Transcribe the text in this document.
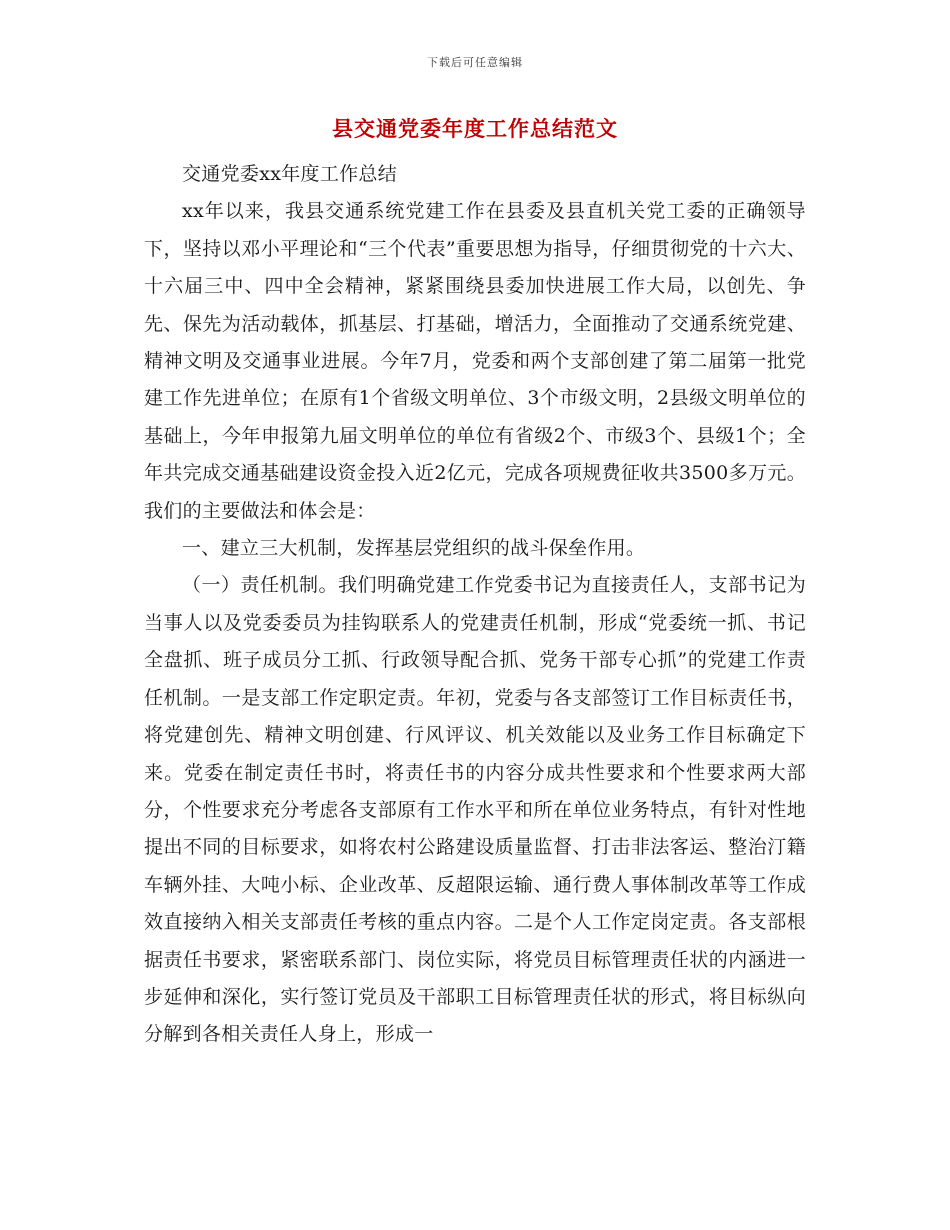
下载后可任意编辑
县交通党委年度工作总结范文

交通党委xx年度工作总结

xx年以来，我县交通系统党建工作在县委及县直机关党工委的正确领导下，坚持以邓小平理论和“三个代表”重要思想为指导，仔细贯彻党的十六大、十六届三中、四中全会精神，紧紧围绕县委加快进展工作大局，以创先、争先、保先为活动载体，抓基层、打基础，增活力，全面推动了交通系统党建、精神文明及交通事业进展。今年7月，党委和两个支部创建了第二届第一批党建工作先进单位；在原有1个省级文明单位、3个市级文明，2县级文明单位的基础上，今年申报第九届文明单位的单位有省级2个、市级3个、县级1个；全年共完成交通基础建设资金投入近2亿元，完成各项规费征收共3500多万元。我们的主要做法和体会是：

一、建立三大机制，发挥基层党组织的战斗保垒作用。

（一）责任机制。我们明确党建工作党委书记为直接责任人，支部书记为当事人以及党委委员为挂钩联系人的党建责任机制，形成“党委统一抓、书记全盘抓、班子成员分工抓、行政领导配合抓、党务干部专心抓”的党建工作责任机制。一是支部工作定职定责。年初，党委与各支部签订工作目标责任书，将党建创先、精神文明创建、行风评议、机关效能以及业务工作目标确定下来。党委在制定责任书时，将责任书的内容分成共性要求和个性要求两大部分，个性要求充分考虑各支部原有工作水平和所在单位业务特点，有针对性地提出不同的目标要求，如将农村公路建设质量监督、打击非法客运、整治汀籍车辆外挂、大吨小标、企业改革、反超限运输、通行费人事体制改革等工作成效直接纳入相关支部责任考核的重点内容。二是个人工作定岗定责。各支部根据责任书要求，紧密联系部门、岗位实际，将党员目标管理责任状的内涵进一步延伸和深化，实行签订党员及干部职工目标管理责任状的形式，将目标纵向分解到各相关责任人身上，形成一
